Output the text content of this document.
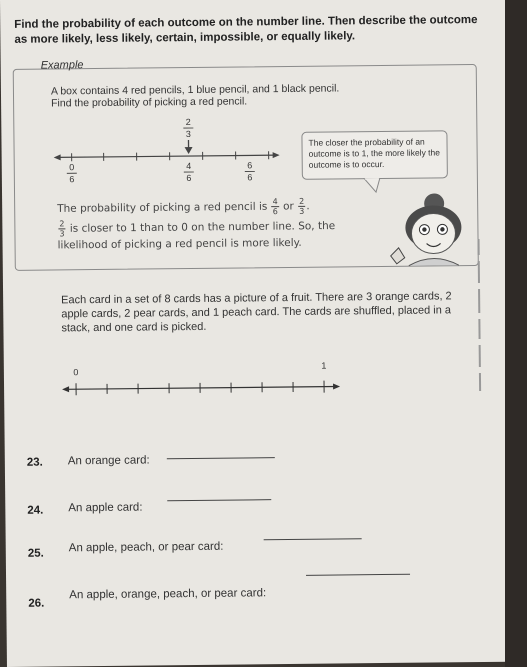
Find the probability of each outcome on the number line. Then describe the outcome as more likely, less likely, certain, impossible, or equally likely.
Example
A box contains 4 red pencils, 1 blue pencil, and 1 black pencil.
Find the probability of picking a red pencil.
2
3
0
6
4
6
6
6
The closer the probability of an outcome is to 1, the more likely the outcome is to occur.
The probability of picking a red pencil is $\frac{4}{6}$ or $\frac{2}{3}$ .
$\frac{2}{3}$ is closer to 1 than to 0 on the number line. So, the
likelihood of picking a red pencil is more likely.
Each card in a set of 8 cards has a picture of a fruit. There are 3 orange cards, 2 apple cards, 2 pear cards, and 1 peach card. The cards are shuffled, placed in a stack, and one card is picked.
0
1
23. An orange card:
24. An apple card:
25. An apple, peach, or pear card:
26.
An apple, orange, peach, or pear card:
